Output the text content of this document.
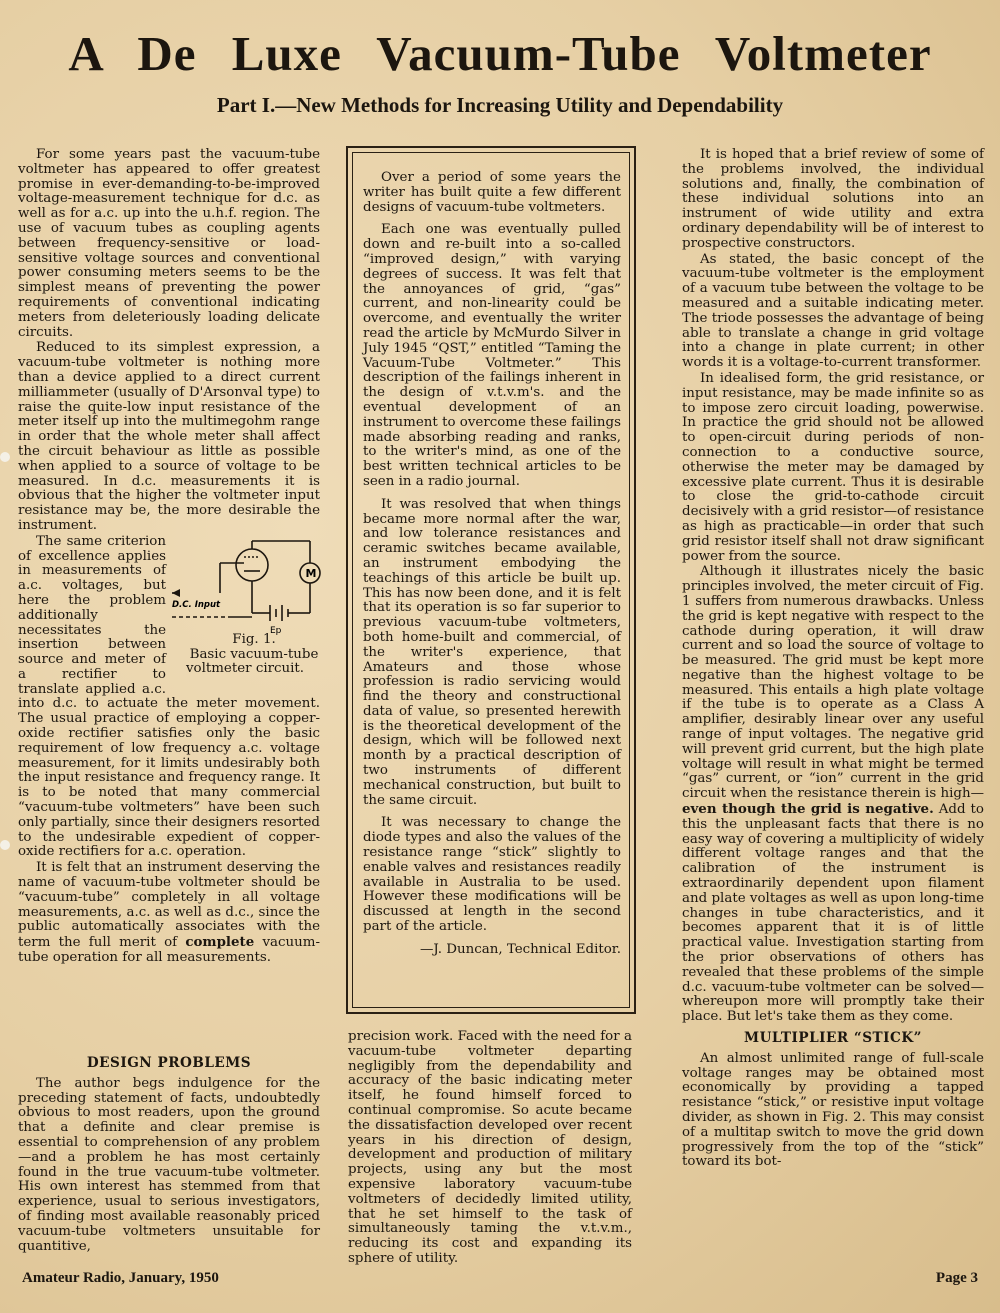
A De Luxe Vacuum-Tube Voltmeter
Part I.—New Methods for Increasing Utility and Dependability

For some years past the vacuum-tube voltmeter has appeared to offer greatest promise in ever-demanding-to-be-improved voltage-measurement technique for d.c. as well as for a.c. up into the u.h.f. region. The use of vacuum tubes as coupling agents between frequency-sensitive or load-sensitive voltage sources and conventional power consuming meters seems to be the simplest means of preventing the power requirements of conventional indicating meters from deleteriously loading delicate circuits.

Reduced to its simplest expression, a vacuum-tube voltmeter is nothing more than a device applied to a direct current milliammeter (usually of D'Arsonval type) to raise the quite-low input resistance of the meter itself up into the multimegohm range in order that the whole meter shall affect the circuit behaviour as little as possible when applied to a source of voltage to be measured. In d.c. measurements it is obvious that the higher the voltmeter input resistance may be, the more desirable the instrument.

M
D.C. Input
Ep
Fig. 1.
Basic vacuum-tube voltmeter circuit.
The same criterion of excellence applies in measurements of a.c. voltages, but here the problem additionally necessitates the insertion between source and meter of a rectifier to translate applied a.c. into d.c. to actuate the meter movement. The usual practice of employing a copper-oxide rectifier satisfies only the basic requirement of low frequency a.c. voltage measurement, for it limits undesirably both the input resistance and frequency range. It is to be noted that many commercial “vacuum-tube voltmeters” have been such only partially, since their designers resorted to the undesirable expedient of copper-oxide rectifiers for a.c. operation.

It is felt that an instrument deserving the name of vacuum-tube voltmeter should be “vacuum-tube” completely in all voltage measurements, a.c. as well as d.c., since the public automatically associates with the term the full merit of complete vacuum-tube operation for all measurements.

DESIGN PROBLEMS

The author begs indulgence for the preceding statement of facts, undoubtedly obvious to most readers, upon the ground that a definite and clear premise is essential to comprehension of any problem—and a problem he has most certainly found in the true vacuum-tube voltmeter. His own interest has stemmed from that experience, usual to serious investigators, of finding most available reasonably priced vacuum-tube voltmeters unsuitable for quantitive,

Over a period of some years the writer has built quite a few different designs of vacuum-tube voltmeters.

Each one was eventually pulled down and re-built into a so-called “improved design,” with varying degrees of success. It was felt that the annoyances of grid, “gas” current, and non-linearity could be overcome, and eventually the writer read the article by McMurdo Silver in July 1945 “QST,” entitled “Taming the Vacuum-Tube Voltmeter.” This description of the failings inherent in the design of v.t.v.m's. and the eventual development of an instrument to overcome these failings made absorbing reading and ranks, to the writer's mind, as one of the best written technical articles to be seen in a radio journal.

It was resolved that when things became more normal after the war, and low tolerance resistances and ceramic switches became available, an instrument embodying the teachings of this article be built up. This has now been done, and it is felt that its operation is so far superior to previous vacuum-tube voltmeters, both home-built and commercial, of the writer's experience, that Amateurs and those whose profession is radio servicing would find the theory and constructional data of value, so presented herewith is the theoretical development of the design, which will be followed next month by a practical description of two instruments of different mechanical construction, but built to the same circuit.

It was necessary to change the diode types and also the values of the resistance range “stick” slightly to enable valves and resistances readily available in Australia to be used. However these modifications will be discussed at length in the second part of the article.

—J. Duncan, Technical Editor.

precision work. Faced with the need for a vacuum-tube voltmeter departing negligibly from the dependability and accuracy of the basic indicating meter itself, he found himself forced to continual compromise. So acute became the dissatisfaction developed over recent years in his direction of design, development and production of military projects, using any but the most expensive laboratory vacuum-tube voltmeters of decidedly limited utility, that he set himself to the task of simultaneously taming the v.t.v.m., reducing its cost and expanding its sphere of utility.

It is hoped that a brief review of some of the problems involved, the individual solutions and, finally, the combination of these individual solutions into an instrument of wide utility and extra ordinary dependability will be of interest to prospective constructors.

As stated, the basic concept of the vacuum-tube voltmeter is the employment of a vacuum tube between the voltage to be measured and a suitable indicating meter. The triode possesses the advantage of being able to translate a change in grid voltage into a change in plate current; in other words it is a voltage-to-current transformer.

In idealised form, the grid resistance, or input resistance, may be made infinite so as to impose zero circuit loading, powerwise. In practice the grid should not be allowed to open-circuit during periods of non-connection to a conductive source, otherwise the meter may be damaged by excessive plate current. Thus it is desirable to close the grid-to-cathode circuit decisively with a grid resistor—of resistance as high as practicable—in order that such grid resistor itself shall not draw significant power from the source.

Although it illustrates nicely the basic principles involved, the meter circuit of Fig. 1 suffers from numerous drawbacks. Unless the grid is kept negative with respect to the cathode during operation, it will draw current and so load the source of voltage to be measured. The grid must be kept more negative than the highest voltage to be measured. This entails a high plate voltage if the tube is to operate as a Class A amplifier, desirably linear over any useful range of input voltages. The negative grid will prevent grid current, but the high plate voltage will result in what might be termed “gas” current, or “ion” current in the grid circuit when the resistance therein is high—even though the grid is negative. Add to this the unpleasant facts that there is no easy way of covering a multiplicity of widely different voltage ranges and that the calibration of the instrument is extraordinarily dependent upon filament and plate voltages as well as upon long-time changes in tube characteristics, and it becomes apparent that it is of little practical value. Investigation starting from the prior observations of others has revealed that these problems of the simple d.c. vacuum-tube voltmeter can be solved—whereupon more will promptly take their place. But let's take them as they come.

MULTIPLIER “STICK”

An almost unlimited range of full-scale voltage ranges may be obtained most economically by providing a tapped resistance “stick,” or resistive input voltage divider, as shown in Fig. 2. This may consist of a multitap switch to move the grid down progressively from the top of the “stick” toward its bot-

Amateur Radio, January, 1950	Page 3
